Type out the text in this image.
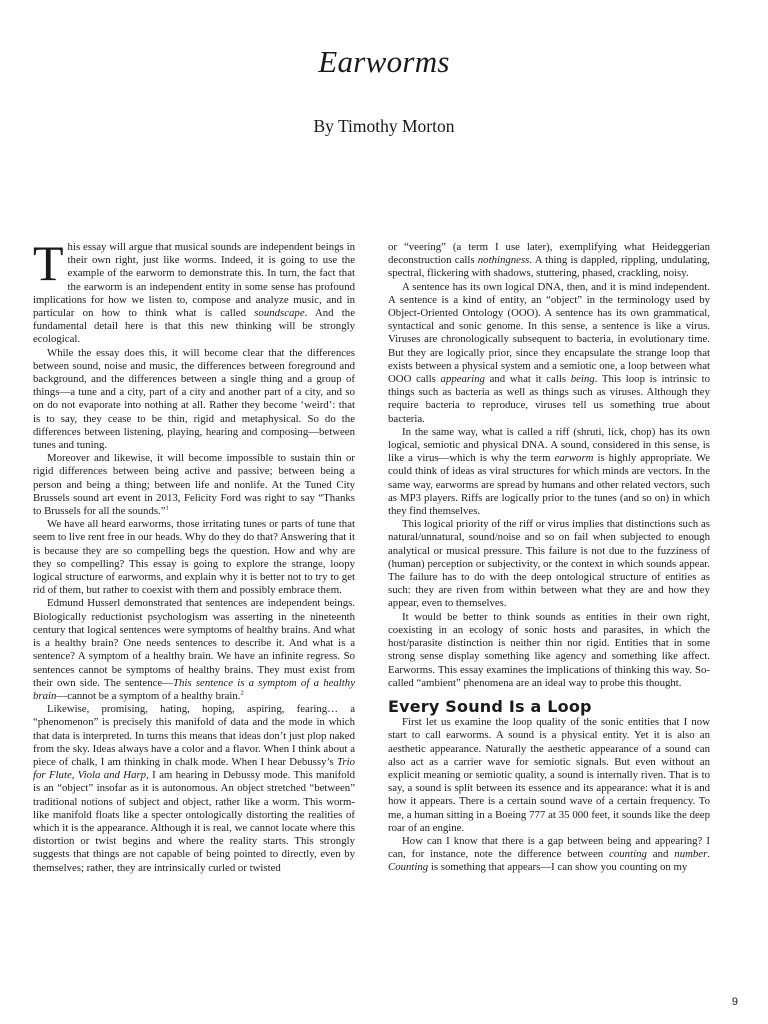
Earworms

By Timothy Morton

This essay will argue that musical sounds are independent beings in their own right, just like worms. Indeed, it is going to use the example of the earworm to demonstrate this. In turn, the fact that the earworm is an independent entity in some sense has profound implications for how we listen to, compose and analyze music, and in particular on how to think what is called soundscape. And the fundamental detail here is that this new thinking will be strongly ecological.

While the essay does this, it will become clear that the differences between sound, noise and music, the differences between foreground and background, and the differences between a single thing and a group of things—a tune and a city, part of a city and another part of a city, and so on do not evaporate into nothing at all. Rather they become ‘weird’: that is to say, they cease to be thin, rigid and metaphysical. So do the differences between listening, playing, hearing and composing—between tunes and tuning.

Moreover and likewise, it will become impossible to sustain thin or rigid differences between being active and passive; between being a person and being a thing; between life and nonlife. At the Tuned City Brussels sound art event in 2013, Felicity Ford was right to say “Thanks to Brussels for all the sounds.”$^1$

We have all heard earworms, those irritating tunes or parts of tune that seem to live rent free in our heads. Why do they do that? Answering that it is because they are so compelling begs the question. How and why are they so compelling? This essay is going to explore the strange, loopy logical structure of earworms, and explain why it is better not to try to get rid of them, but rather to coexist with them and possibly embrace them.

Edmund Husserl demonstrated that sentences are independent beings. Biologically reductionist psychologism was asserting in the nineteenth century that logical sentences were symptoms of healthy brains. And what is a healthy brain? One needs sentences to describe it. And what is a sentence? A symptom of a healthy brain. We have an infinite regress. So sentences cannot be symptoms of healthy brains. They must exist from their own side. The sentence—This sentence is a symptom of a healthy brain—cannot be a symptom of a healthy brain.$^2$

Likewise, promising, hating, hoping, aspiring, fearing… a “phenomenon” is precisely this manifold of data and the mode in which that data is interpreted. In turns this means that ideas don’t just plop naked from the sky. Ideas always have a color and a flavor. When I think about a piece of chalk, I am thinking in chalk mode. When I hear Debussy’s Trio for Flute, Viola and Harp, I am hearing in Debussy mode. This manifold is an “object” insofar as it is autonomous. An object stretched “between” traditional notions of subject and object, rather like a worm. This worm-like manifold floats like a specter ontologically distorting the realities of which it is the appearance. Although it is real, we cannot locate where this distortion or twist begins and where the reality starts. This strongly suggests that things are not capable of being pointed to directly, even by themselves; rather, they are intrinsically curled or twisted

or “veering” (a term I use later), exemplifying what Heideggerian deconstruction calls nothingness. A thing is dappled, rippling, undulating, spectral, flickering with shadows, stuttering, phased, crackling, noisy.

A sentence has its own logical DNA, then, and it is mind independent. A sentence is a kind of entity, an “object” in the terminology used by Object-Oriented Ontology (OOO). A sentence has its own grammatical, syntactical and sonic genome. In this sense, a sentence is like a virus. Viruses are chronologically subsequent to bacteria, in evolutionary time. But they are logically prior, since they encapsulate the strange loop that exists between a physical system and a semiotic one, a loop between what OOO calls appearing and what it calls being. This loop is intrinsic to things such as bacteria as well as things such as viruses. Although they require bacteria to reproduce, viruses tell us something true about bacteria.

In the same way, what is called a riff (shruti, lick, chop) has its own logical, semiotic and physical DNA. A sound, considered in this sense, is like a virus—which is why the term earworm is highly appropriate. We could think of ideas as viral structures for which minds are vectors. In the same way, earworms are spread by humans and other related vectors, such as MP3 players. Riffs are logically prior to the tunes (and so on) in which they find themselves.

This logical priority of the riff or virus implies that distinctions such as natural/unnatural, sound/noise and so on fail when subjected to enough analytical or musical pressure. This failure is not due to the fuzziness of (human) perception or subjectivity, or the context in which sounds appear. The failure has to do with the deep ontological structure of entities as such: they are riven from within between what they are and how they appear, even to themselves.

It would be better to think sounds as entities in their own right, coexisting in an ecology of sonic hosts and parasites, in which the host/parasite distinction is neither thin nor rigid. Entities that in some strong sense display something like agency and something like affect. Earworms. This essay examines the implications of thinking this way. So-called “ambient” phenomena are an ideal way to probe this thought.

Every Sound Is a Loop

First let us examine the loop quality of the sonic entities that I now start to call earworms. A sound is a physical entity. Yet it is also an aesthetic appearance. Naturally the aesthetic appearance of a sound can also act as a carrier wave for semiotic signals. But even without an explicit meaning or semiotic quality, a sound is internally riven. That is to say, a sound is split between its essence and its appearance: what it is and how it appears. There is a certain sound wave of a certain frequency. To me, a human sitting in a Boeing 777 at 35 000 feet, it sounds like the deep roar of an engine.

How can I know that there is a gap between being and appearing? I can, for instance, note the difference between counting and number. Counting is something that appears—I can show you counting on my

9
